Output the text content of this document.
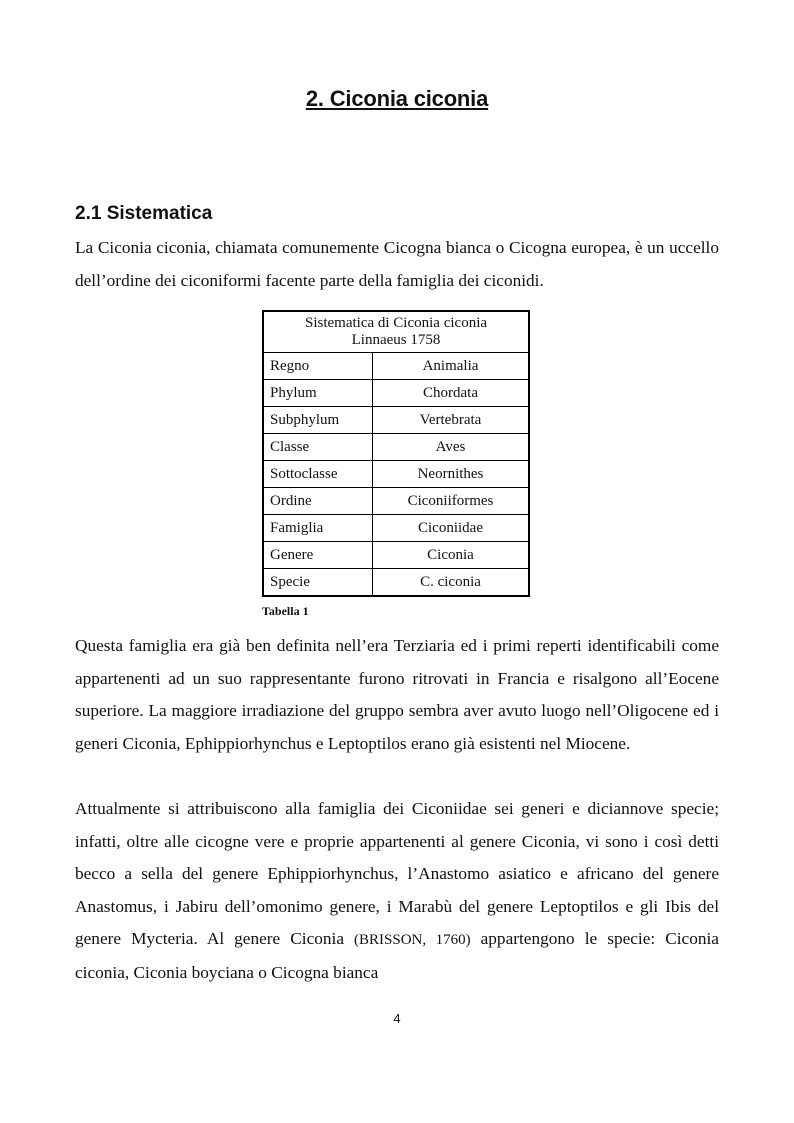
2. Ciconia ciconia
2.1 Sistematica

La Ciconia ciconia, chiamata comunemente Cicogna bianca o Cicogna europea, è un uccello dell’ordine dei ciconiformi facente parte della famiglia dei ciconidi.

Sistematica di Ciconia ciconia
Linnaeus 1758	
Regno	Animalia
Phylum	Chordata
Subphylum	Vertebrata
Classe	Aves
Sottoclasse	Neornithes
Ordine	Ciconiiformes
Famiglia	Ciconiidae
Genere	Ciconia
Specie	C. ciconia
Tabella 1

Questa famiglia era già ben definita nell’era Terziaria ed i primi reperti identificabili come appartenenti ad un suo rappresentante furono ritrovati in Francia e risalgono all’Eocene superiore. La maggiore irradiazione del gruppo sembra aver avuto luogo nell’Oligocene ed i generi Ciconia, Ephippiorhynchus e Leptoptilos erano già esistenti nel Miocene.

Attualmente si attribuiscono alla famiglia dei Ciconiidae sei generi e diciannove specie; infatti, oltre alle cicogne vere e proprie appartenenti al genere Ciconia, vi sono i così detti becco a sella del genere Ephippiorhynchus, l’Anastomo asiatico e africano del genere Anastomus, i Jabiru dell’omonimo genere, i Marabù del genere Leptoptilos e gli Ibis del genere Mycteria. Al genere Ciconia (BRISSON, 1760) appartengono le specie: Ciconia ciconia, Ciconia boyciana o Cicogna bianca

4
